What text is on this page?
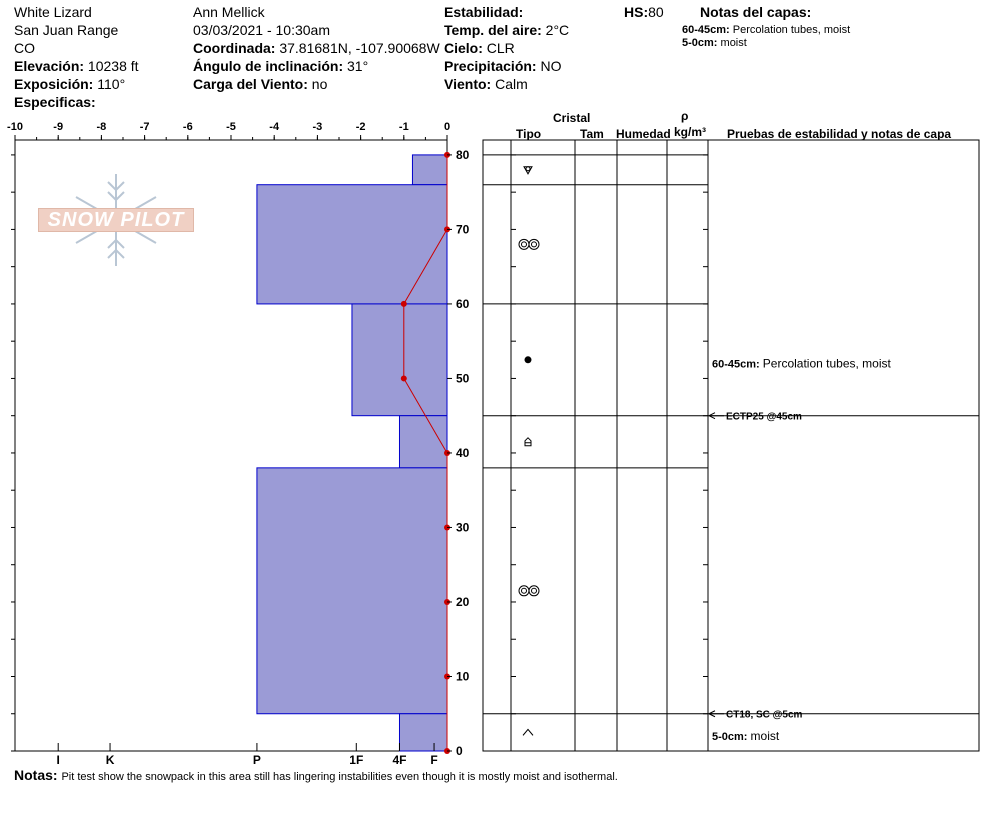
White Lizard
San Juan Range
CO
Elevación: 10238 ft
Exposición: 110°
Especificas:
Ann Mellick
03/03/2021 - 10:30am
Coordinada: 37.81681N, -107.90068W
Ángulo de inclinación: 31°
Carga del Viento: no
Estabilidad:
Temp. del aire: 2°C
Cielo: CLR
Precipitación: NO
Viento: Calm
HS:80	Notas del capas:
60-45cm: Percolation tubes, moist
5-0cm: moist
Cristal
Tipo	Tam Humedad
ρ
kg/m³ Pruebas de estabilidad y notas de capa
Notas: Pit test show the snowpack in this area still has lingering instabilities even though it is mostly moist and isothermal.
SNOW PILOT
-10	-9	-8	-7	-6	-5	-4	-3	-2	-1	0
0
10
20
30
40
50
60
70
80
I	K	P	1F 4F F
ECTP25 @45cm
CT18, SC @5cm
60-45cm: Percolation tubes, moist
5-0cm: moist
